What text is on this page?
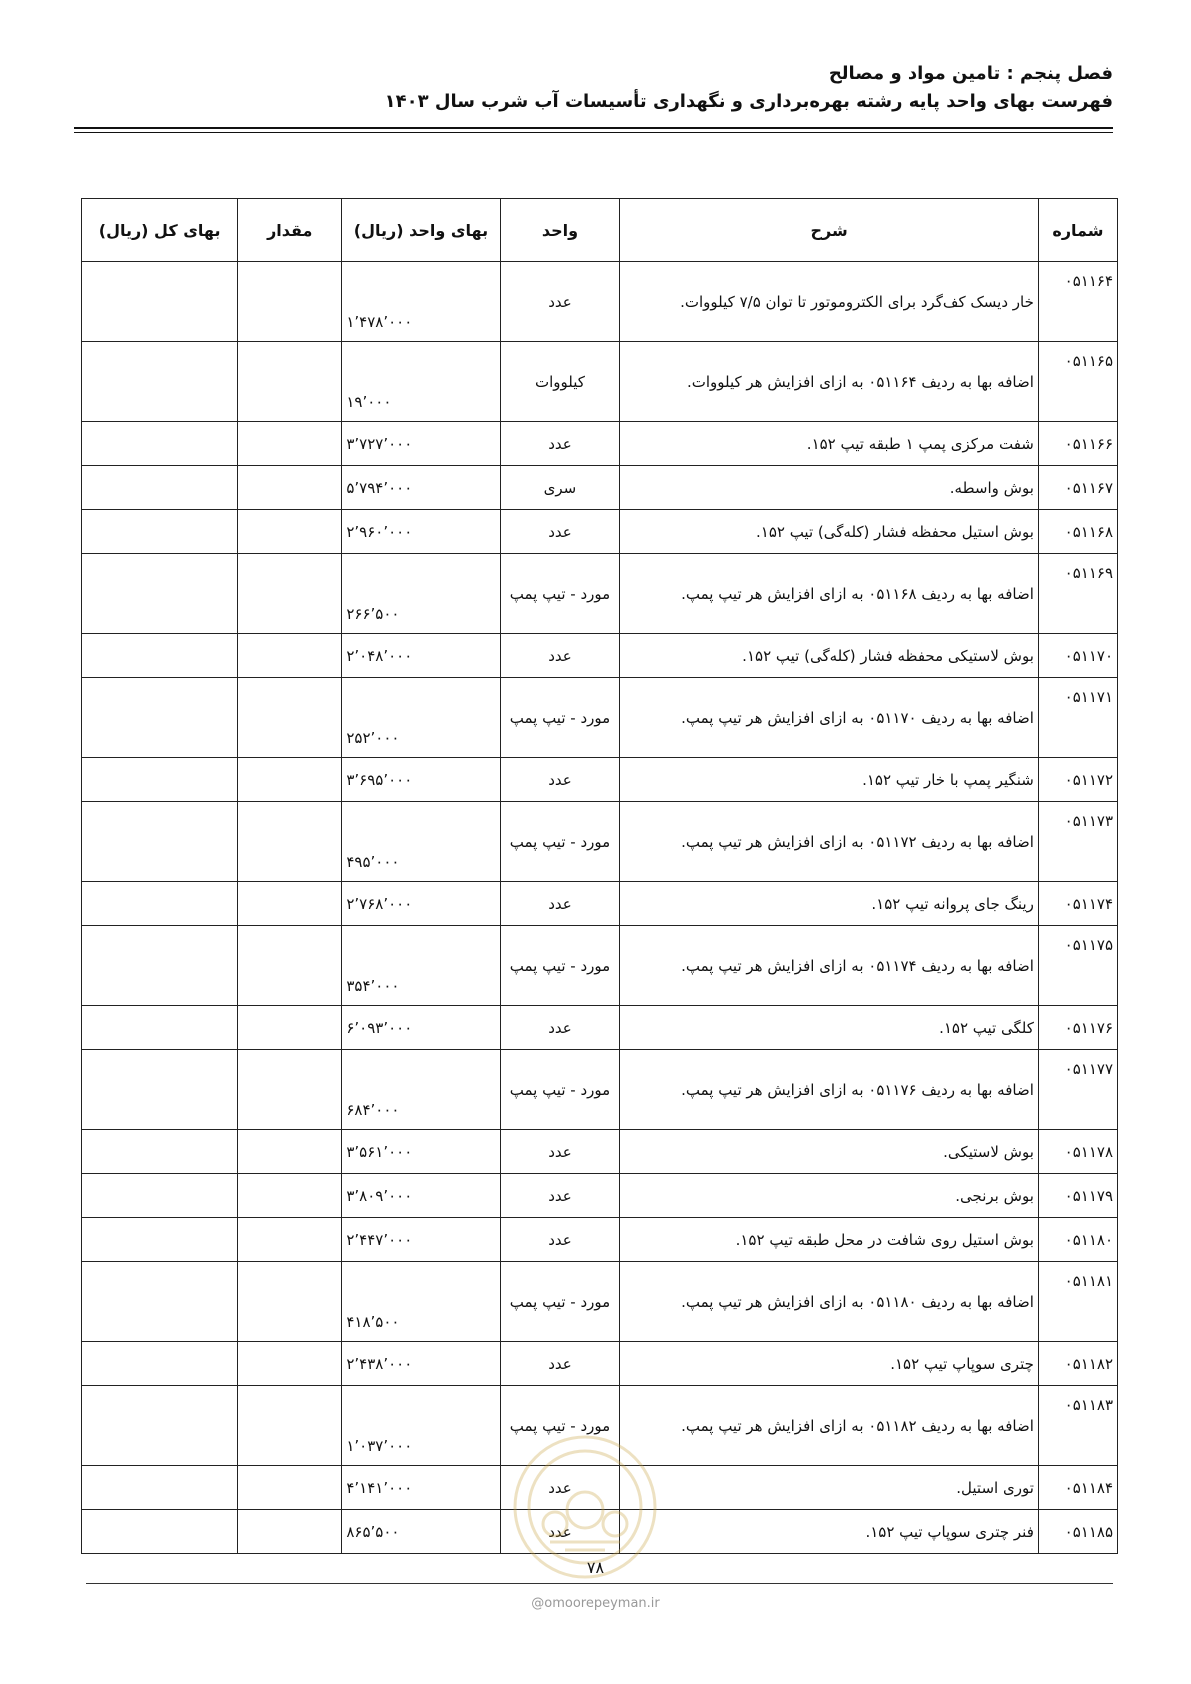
فصل پنجم : تامین مواد و مصالح
فهرست بهای واحد پایه رشته بهره‌برداری و نگهداری تأسیسات آب شرب سال ۱۴۰۳
شماره	شرح	واحد	بهای واحد (ریال)	مقدار	بهای کل (ریال)
۰۵۱۱۶۴	خار دیسک کف‌گرد برای الکتروموتور تا توان ۷/۵ کیلووات.	عدد	۱٬۴۷۸٬۰۰۰		
۰۵۱۱۶۵	اضافه بها به ردیف ۰۵۱۱۶۴ به ازای افزایش هر کیلووات.	کیلووات	۱۹٬۰۰۰		
۰۵۱۱۶۶	شفت مرکزی پمپ ۱ طبقه تیپ ۱۵۲.	عدد	۳٬۷۲۷٬۰۰۰		
۰۵۱۱۶۷	بوش واسطه.	سری	۵٬۷۹۴٬۰۰۰		
۰۵۱۱۶۸	بوش استیل محفظه فشار (کله‌گی) تیپ ۱۵۲.	عدد	۲٬۹۶۰٬۰۰۰		
۰۵۱۱۶۹	اضافه بها به ردیف ۰۵۱۱۶۸ به ازای افزایش هر تیپ پمپ.	مورد - تیپ پمپ	۲۶۶٬۵۰۰		
۰۵۱۱۷۰	بوش لاستیکی محفظه فشار (کله‌گی) تیپ ۱۵۲.	عدد	۲٬۰۴۸٬۰۰۰		
۰۵۱۱۷۱	اضافه بها به ردیف ۰۵۱۱۷۰ به ازای افزایش هر تیپ پمپ.	مورد - تیپ پمپ	۲۵۲٬۰۰۰		
۰۵۱۱۷۲	شنگیر پمپ با خار تیپ ۱۵۲.	عدد	۳٬۶۹۵٬۰۰۰		
۰۵۱۱۷۳	اضافه بها به ردیف ۰۵۱۱۷۲ به ازای افزایش هر تیپ پمپ.	مورد - تیپ پمپ	۴۹۵٬۰۰۰		
۰۵۱۱۷۴	رینگ جای پروانه تیپ ۱۵۲.	عدد	۲٬۷۶۸٬۰۰۰		
۰۵۱۱۷۵	اضافه بها به ردیف ۰۵۱۱۷۴ به ازای افزایش هر تیپ پمپ.	مورد - تیپ پمپ	۳۵۴٬۰۰۰		
۰۵۱۱۷۶	کلگی تیپ ۱۵۲.	عدد	۶٬۰۹۳٬۰۰۰		
۰۵۱۱۷۷	اضافه بها به ردیف ۰۵۱۱۷۶ به ازای افزایش هر تیپ پمپ.	مورد - تیپ پمپ	۶۸۴٬۰۰۰		
۰۵۱۱۷۸	بوش لاستیکی.	عدد	۳٬۵۶۱٬۰۰۰		
۰۵۱۱۷۹	بوش برنجی.	عدد	۳٬۸۰۹٬۰۰۰		
۰۵۱۱۸۰	بوش استیل روی شافت در محل طبقه تیپ ۱۵۲.	عدد	۲٬۴۴۷٬۰۰۰		
۰۵۱۱۸۱	اضافه بها به ردیف ۰۵۱۱۸۰ به ازای افزایش هر تیپ پمپ.	مورد - تیپ پمپ	۴۱۸٬۵۰۰		
۰۵۱۱۸۲	چتری سوپاپ تیپ ۱۵۲.	عدد	۲٬۴۳۸٬۰۰۰		
۰۵۱۱۸۳	اضافه بها به ردیف ۰۵۱۱۸۲ به ازای افزایش هر تیپ پمپ.	مورد - تیپ پمپ	۱٬۰۳۷٬۰۰۰		
۰۵۱۱۸۴	توری استیل.	عدد	۴٬۱۴۱٬۰۰۰		
۰۵۱۱۸۵	فنر چتری سوپاپ تیپ ۱۵۲.	عدد	۸۶۵٬۵۰۰		
۷۸
@omoorepeyman.ir
